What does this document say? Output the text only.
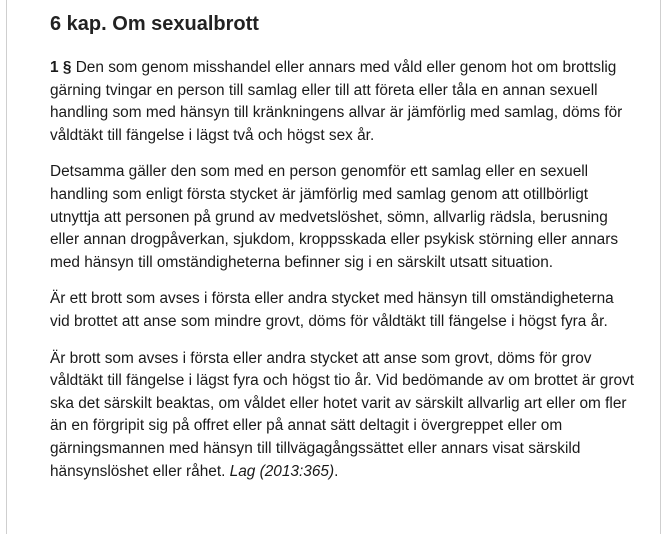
6 kap. Om sexualbrott

1 § Den som genom misshandel eller annars med våld eller genom hot om brottslig gärning tvingar en person till samlag eller till att företa eller tåla en annan sexuell handling som med hänsyn till kränkningens allvar är jämförlig med samlag, döms för våldtäkt till fängelse i lägst två och högst sex år.

Detsamma gäller den som med en person genomför ett samlag eller en sexuell handling som enligt första stycket är jämförlig med samlag genom att otillbörligt utnyttja att personen på grund av medvetslöshet, sömn, allvarlig rädsla, berusning eller annan drogpåverkan, sjukdom, kroppsskada eller psykisk störning eller annars med hänsyn till omständigheterna befinner sig i en särskilt utsatt situation.

Är ett brott som avses i första eller andra stycket med hänsyn till omständigheterna vid brottet att anse som mindre grovt, döms för våldtäkt till fängelse i högst fyra år.

Är brott som avses i första eller andra stycket att anse som grovt, döms för grov våldtäkt till fängelse i lägst fyra och högst tio år. Vid bedömande av om brottet är grovt ska det särskilt beaktas, om våldet eller hotet varit av särskilt allvarlig art eller om fler än en förgripit sig på offret eller på annat sätt deltagit i övergreppet eller om gärningsmannen med hänsyn till tillvägagångssättet eller annars visat särskild hänsynslöshet eller råhet. Lag (2013:365).
